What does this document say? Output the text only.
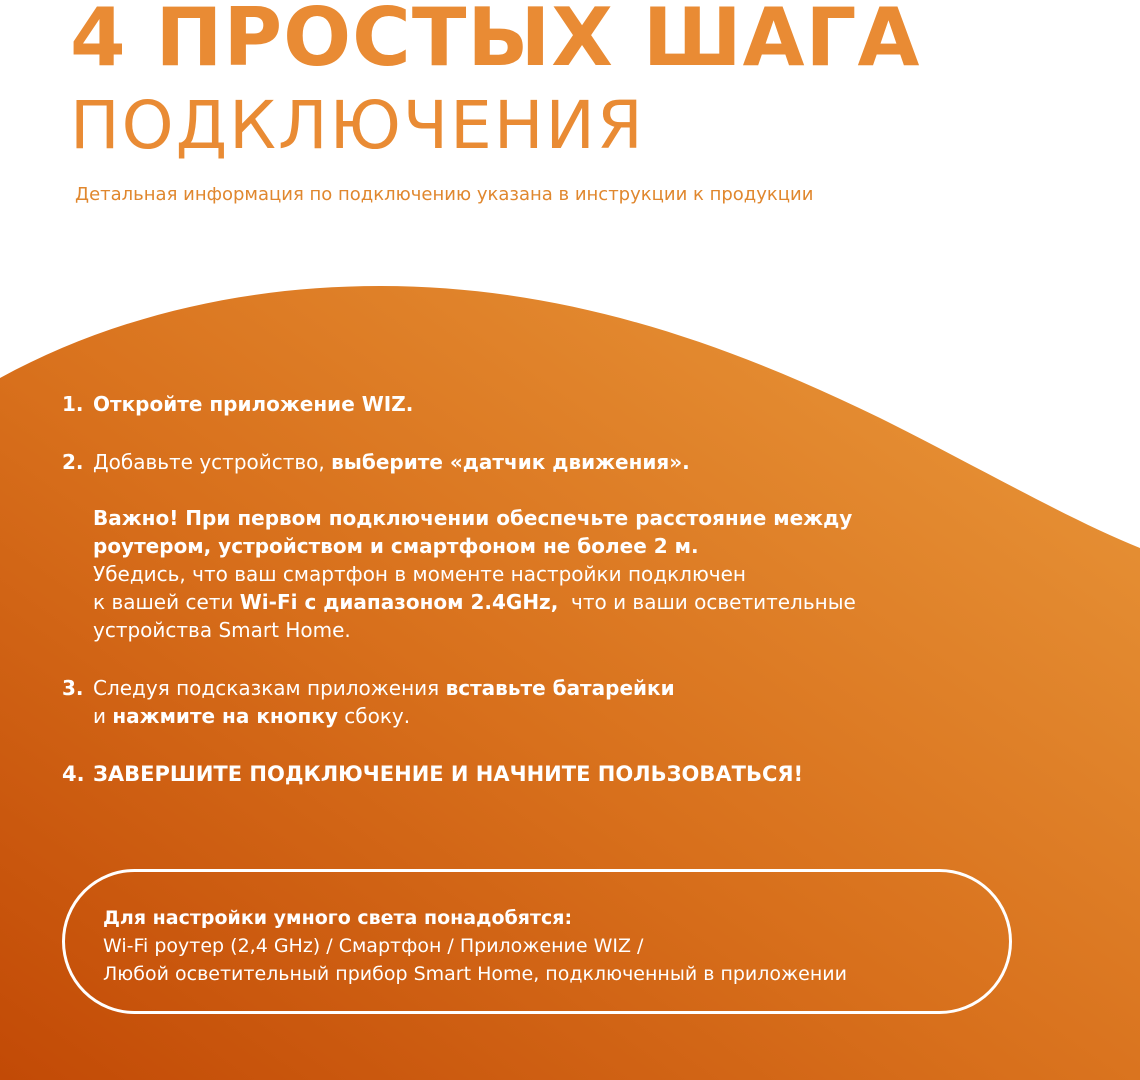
4 ПРОСТЫХ ШАГА
ПОДКЛЮЧЕНИЯ

Детальная информация по подключению указана в инструкции к продукции

1. Откройте приложение WIZ.
2. Добавьте устройство, выберите «датчик движения».
Важно! При первом подключении обеспечьте расстояние между
роутером, устройством и смартфоном не более 2 м.
Убедись, что ваш смартфон в моменте настройки подключен
к вашей сети Wi-Fi с диапазоном 2.4GHz,  что и ваши осветительные
устройства Smart Home.
3. Следуя подсказкам приложения вставьте батарейки
и нажмите на кнопку сбоку.
4. ЗАВЕРШИТЕ ПОДКЛЮЧЕНИЕ И НАЧНИТЕ ПОЛЬЗОВАТЬСЯ!
Для настройки умного света понадобятся:
Wi-Fi роутер (2,4 GHz) / Смартфон / Приложение WIZ /
Любой осветительный прибор Smart Home, подключенный в приложении
